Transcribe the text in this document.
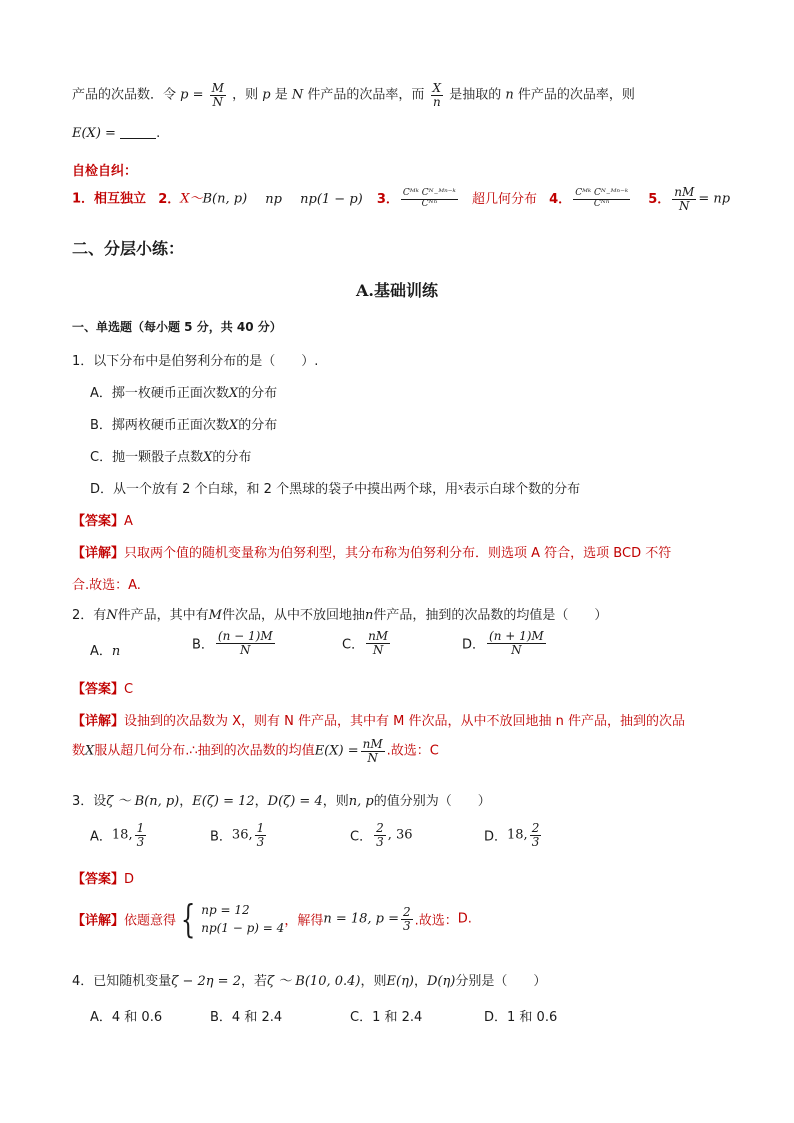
产品的次品数．令 $p = \frac{M}{N}$ ，则 p 是 N 件产品的次品率，而 $\frac{X}{n}$ 是抽取的 n 件产品的次品率，则
E(X) =	.
自检自纠：
1．相互独立 2．X～B(n, p) np np(1 − p) 3． $\frac{\text{Cᴹᵏ Cᴺ₋ᴹⁿ⁻ᵏ}}{\text{Cᴺⁿ}}$ 超几何分布 4． $\frac{\text{Cᴹᵏ Cᴺ₋ᴹⁿ⁻ᵏ}}{\text{Cᴺⁿ}} 5$． $\frac{nM}{N}$ = np
二、分层小练：
A.基础训练
一、单选题（每小题 5 分，共 40 分）
1．以下分布中是伯努利分布的是（　　）.
A．掷一枚硬币正面次数X的分布
B．掷两枚硬币正面次数X的分布
C．抛一颗骰子点数X的分布
D．从一个放有 2 个白球，和 2 个黑球的袋子中摸出两个球，用$^x$表示白球个数的分布
【答案】A
【详解】只取两个值的随机变量称为伯努利型，其分布称为伯努利分布．则选项 A 符合，选项 BCD 不符
合.故选：A.
2．有N件产品，其中有M件次品，从中不放回地抽n件产品，抽到的次品数的均值是（　　）
A．n	B． $\frac{(n - 1)M}{N}$	C． $\frac{nM}{N}$	D． $\frac{(n + 1)M}{N}$
【答案】C
【详解】设抽到的次品数为 X，则有 N 件产品，其中有 M 件次品，从中不放回地抽 n 件产品，抽到的次品
数X服从超几何分布.∴抽到的次品数的均值$E(X) = \frac{nM}{N}$ .故选：C
3．设ζ ～ B(n, p)，E(ζ) = 12，D(ζ) = 4，则n, p的值分别为（　　）
A．18, $\frac{1}{3}$	B．36, $\frac{1}{3}$	C． $\frac{2}{3}$ , 36	D．18, $\frac{2}{3}$
【答案】D
【详解】依题意得 { np = 12
np(1 − p) = 4 ，解得n = 18, $p = \frac{2}{3}$ .故选：D.
4．已知随机变量ζ − 2η = 2，若ζ ～ B(10, 0.4)，则E(η)，D(η)分别是（　　）
A．4 和 0.6	B．4 和 2.4	C．1 和 2.4	D．1 和 0.6
